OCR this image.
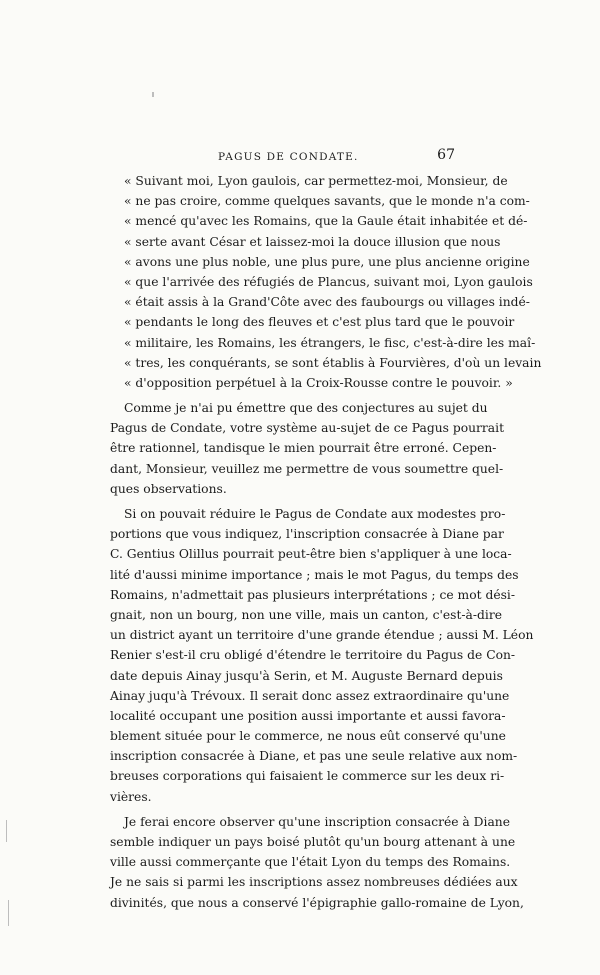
PAGUS DE CONDATE.	67
« Suivant moi, Lyon gaulois, car permettez-moi, Monsieur, de
« ne pas croire, comme quelques savants, que le monde n'a com-
« mencé qu'avec les Romains, que la Gaule était inhabitée et dé-
« serte avant César et laissez-moi la douce illusion que nous
« avons une plus noble, une plus pure, une plus ancienne origine
« que l'arrivée des réfugiés de Plancus, suivant moi, Lyon gaulois
« était assis à la Grand'Côte avec des faubourgs ou villages indé-
« pendants le long des fleuves et c'est plus tard que le pouvoir
« militaire, les Romains, les étrangers, le fisc, c'est-à-dire les maî-
« tres, les conquérants, se sont établis à Fourvières, d'où un levain
« d'opposition perpétuel à la Croix-Rousse contre le pouvoir. »
Comme je n'ai pu émettre que des conjectures au sujet du
Pagus de Condate, votre système au-sujet de ce Pagus pourrait
être rationnel, tandisque le mien pourrait être erroné. Cepen-
dant, Monsieur, veuillez me permettre de vous soumettre quel-
ques observations.
Si on pouvait réduire le Pagus de Condate aux modestes pro-
portions que vous indiquez, l'inscription consacrée à Diane par
C. Gentius Olillus pourrait peut-être bien s'appliquer à une loca-
lité d'aussi minime importance ; mais le mot Pagus, du temps des
Romains, n'admettait pas plusieurs interprétations ; ce mot dési-
gnait, non un bourg, non une ville, mais un canton, c'est-à-dire
un district ayant un territoire d'une grande étendue ; aussi M. Léon
Renier s'est-il cru obligé d'étendre le territoire du Pagus de Con-
date depuis Ainay jusqu'à Serin, et M. Auguste Bernard depuis
Ainay juqu'à Trévoux. Il serait donc assez extraordinaire qu'une
localité occupant une position aussi importante et aussi favora-
blement située pour le commerce, ne nous eût conservé qu'une
inscription consacrée à Diane, et pas une seule relative aux nom-
breuses corporations qui faisaient le commerce sur les deux ri-
vières.
Je ferai encore observer qu'une inscription consacrée à Diane
semble indiquer un pays boisé plutôt qu'un bourg attenant à une
ville aussi commerçante que l'était Lyon du temps des Romains.
Je ne sais si parmi les inscriptions assez nombreuses dédiées aux
divinités, que nous a conservé l'épigraphie gallo-romaine de Lyon,
